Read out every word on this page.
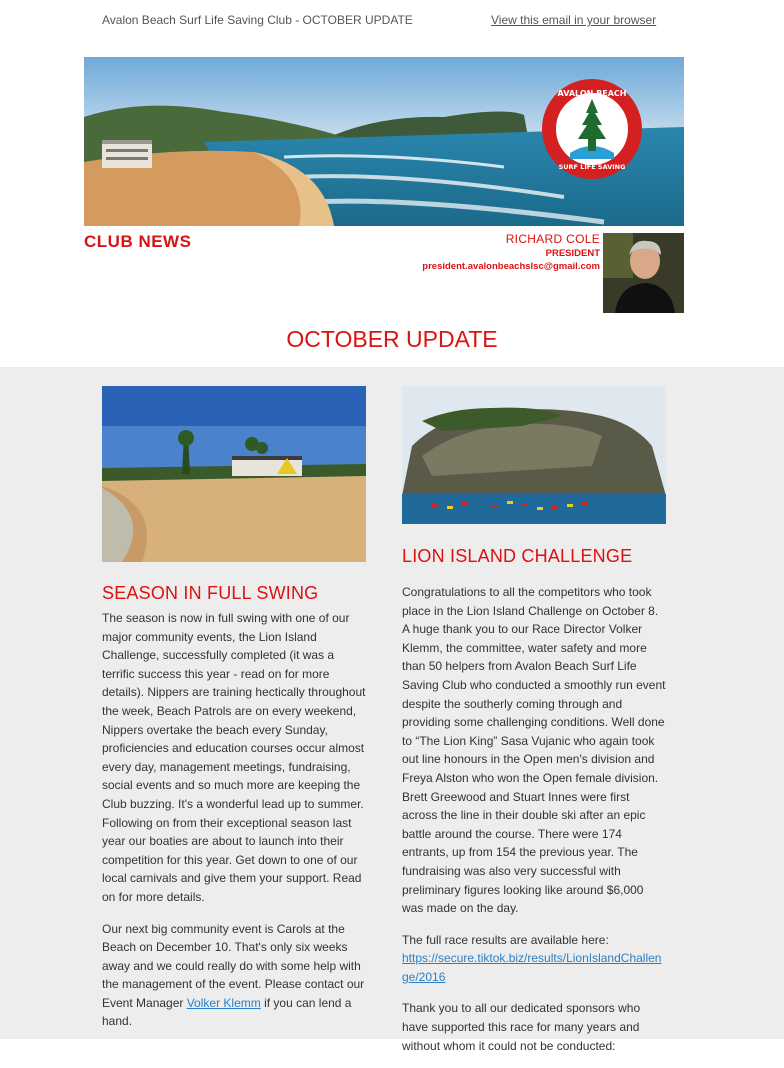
Avalon Beach Surf Life Saving Club - OCTOBER UPDATE	View this email in your browser
AVALON BEACH
SURF LIFE SAVING
CLUB NEWS	RICHARD COLE
PRESIDENT
president.avalonbeachslsc@gmail.com
OCTOBER UPDATE
SEASON IN FULL SWING

The season is now in full swing with one of our major community events, the Lion Island Challenge, successfully completed (it was a terrific success this year - read on for more details). Nippers are training hectically throughout the week, Beach Patrols are on every weekend, Nippers overtake the beach every Sunday, proficiencies and education courses occur almost every day, management meetings, fundraising, social events and so much more are keeping the Club buzzing. It's a wonderful lead up to summer. Following on from their exceptional season last year our boaties are about to launch into their competition for this year. Get down to one of our local carnivals and give them your support. Read on for more details.

Our next big community event is Carols at the Beach on December 10. That's only six weeks away and we could really do with some help with the management of the event. Please contact our Event Manager Volker Klemm if you can lend a hand.

LION ISLAND CHALLENGE

Congratulations to all the competitors who took place in the Lion Island Challenge on October 8. A huge thank you to our Race Director Volker Klemm, the committee, water safety and more than 50 helpers from Avalon Beach Surf Life Saving Club who conducted a smoothly run event despite the southerly coming through and providing some challenging conditions. Well done to “The Lion King” Sasa Vujanic who again took out line honours in the Open men's division and Freya Alston who won the Open female division. Brett Greewood and Stuart Innes were first across the line in their double ski after an epic battle around the course. There were 174 entrants, up from 154 the previous year. The fundraising was also very successful with preliminary figures looking like around $6,000 was made on the day.

The full race results are available here:
https://secure.tiktok.biz/results/LionIslandChallenge/2016

Thank you to all our dedicated sponsors who have supported this race for many years and without whom it could not be conducted:
